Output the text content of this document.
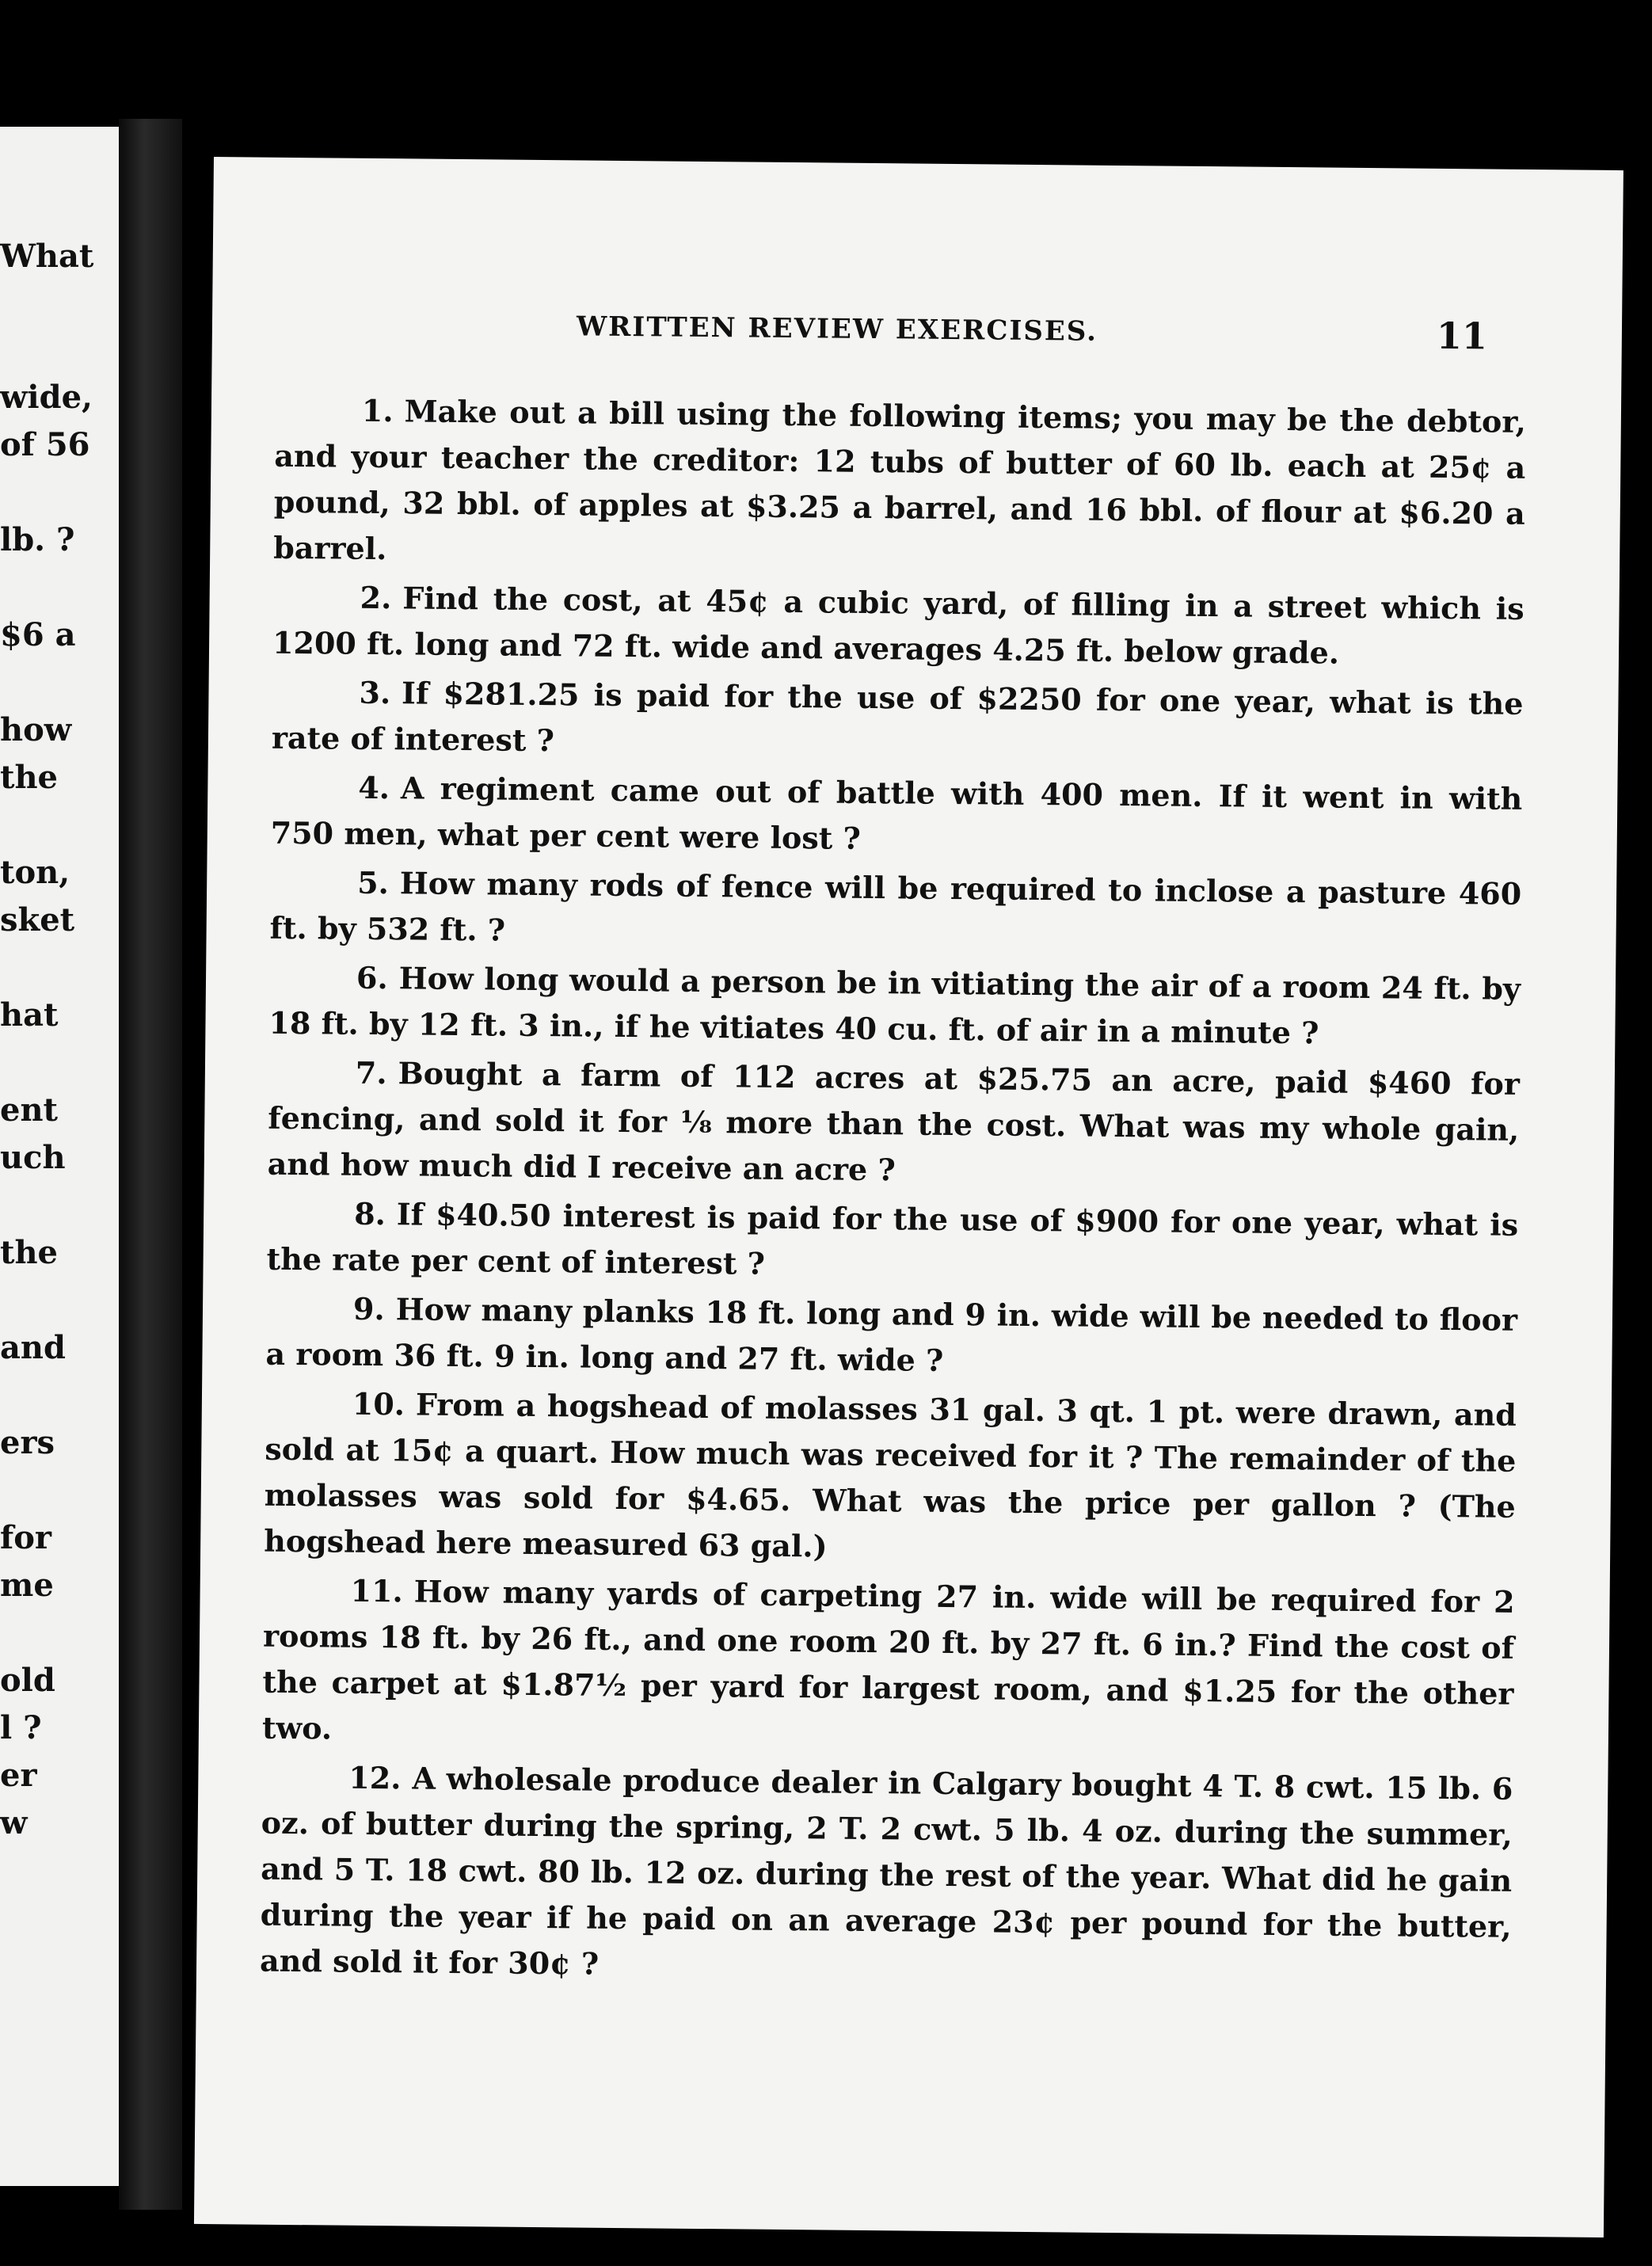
What
wide,
of 56
lb. ?
$6 a
how
the
ton,
sket
hat
ent
uch
the
and
ers
for
me
old
l ?
er
w
WRITTEN REVIEW EXERCISES.	11
1. Make out a bill using the following items; you may be the debtor, and your teacher the creditor: 12 tubs of butter of 60 lb. each at 25¢ a pound, 32 bbl. of apples at $3.25 a barrel, and 16 bbl. of flour at $6.20 a barrel.
2. Find the cost, at 45¢ a cubic yard, of filling in a street which is 1200 ft. long and 72 ft. wide and averages 4.25 ft. below grade.
3. If $281.25 is paid for the use of $2250 for one year, what is the rate of interest ?
4. A regiment came out of battle with 400 men. If it went in with 750 men, what per cent were lost ?
5. How many rods of fence will be required to inclose a pasture 460 ft. by 532 ft. ?
6. How long would a person be in vitiating the air of a room 24 ft. by 18 ft. by 12 ft. 3 in., if he vitiates 40 cu. ft. of air in a minute ?
7. Bought a farm of 112 acres at $25.75 an acre, paid $460 for fencing, and sold it for ⅛ more than the cost. What was my whole gain, and how much did I receive an acre ?
8. If $40.50 interest is paid for the use of $900 for one year, what is the rate per cent of interest ?
9. How many planks 18 ft. long and 9 in. wide will be needed to floor a room 36 ft. 9 in. long and 27 ft. wide ?
10. From a hogshead of molasses 31 gal. 3 qt. 1 pt. were drawn, and sold at 15¢ a quart. How much was received for it ? The remainder of the molasses was sold for $4.65. What was the price per gallon ? (The hogshead here measured 63 gal.)
11. How many yards of carpeting 27 in. wide will be required for 2 rooms 18 ft. by 26 ft., and one room 20 ft. by 27 ft. 6 in.? Find the cost of the carpet at $1.87½ per yard for largest room, and $1.25 for the other two.
12. A wholesale produce dealer in Calgary bought 4 T. 8 cwt. 15 lb. 6 oz. of butter during the spring, 2 T. 2 cwt. 5 lb. 4 oz. during the summer, and 5 T. 18 cwt. 80 lb. 12 oz. during the rest of the year. What did he gain during the year if he paid on an average 23¢ per pound for the butter, and sold it for 30¢ ?
